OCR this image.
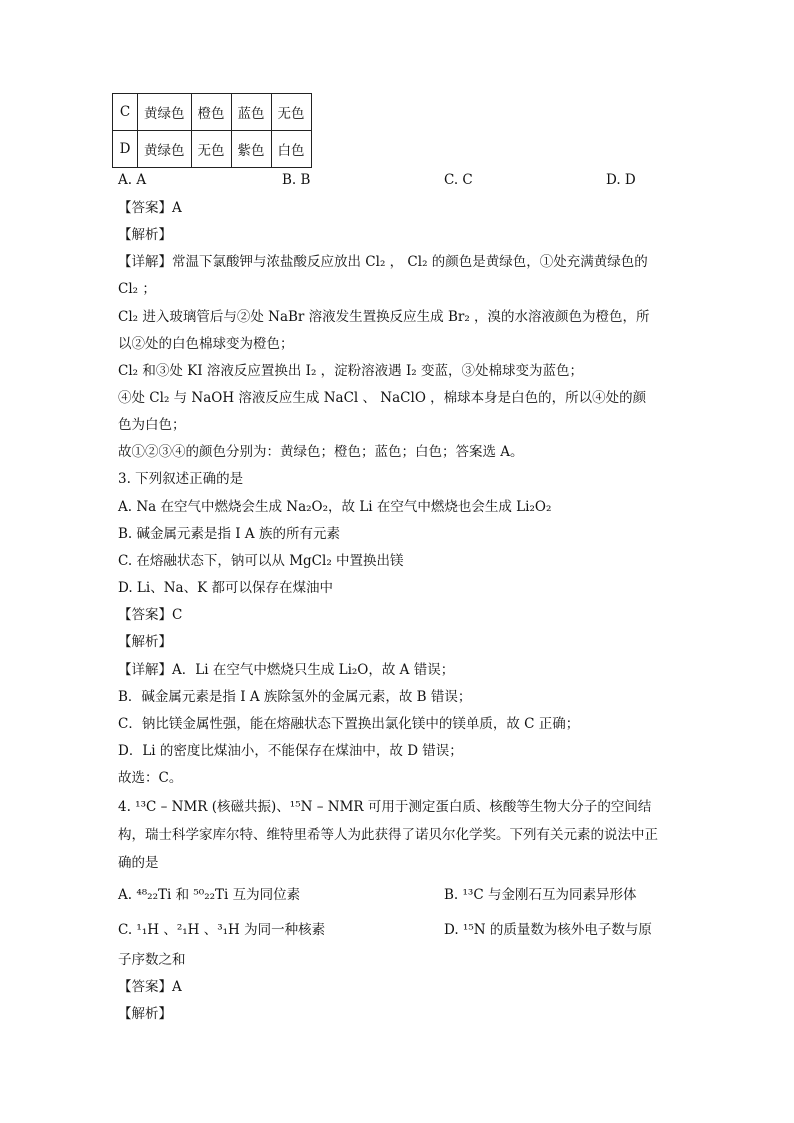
C	黄绿色	橙色	蓝色	无色
D	黄绿色	无色	紫色	白色
A. A	B. B	C. C	D. D
【答案】A
【解析】
【详解】常温下氯酸钾与浓盐酸反应放出 Cl₂ ， Cl₂ 的颜色是黄绿色，①处充满黄绿色的
Cl₂ ；
Cl₂ 进入玻璃管后与②处 NaBr 溶液发生置换反应生成 Br₂ ，溴的水溶液颜色为橙色，所
以②处的白色棉球变为橙色；
Cl₂ 和③处 KI 溶液反应置换出 I₂ ，淀粉溶液遇 I₂ 变蓝，③处棉球变为蓝色；
④处 Cl₂ 与 NaOH 溶液反应生成 NaCl 、 NaClO ，棉球本身是白色的，所以④处的颜
色为白色；
故①②③④的颜色分别为：黄绿色；橙色；蓝色；白色；答案选 A。
3. 下列叙述正确的是
A. Na 在空气中燃烧会生成 Na₂O₂，故 Li 在空气中燃烧也会生成 Li₂O₂
B. 碱金属元素是指 I A 族的所有元素
C. 在熔融状态下，钠可以从 MgCl₂ 中置换出镁
D. Li、Na、K 都可以保存在煤油中
【答案】C
【解析】
【详解】A．Li 在空气中燃烧只生成 Li₂O，故 A 错误；
B．碱金属元素是指 I A 族除氢外的金属元素，故 B 错误；
C．钠比镁金属性强，能在熔融状态下置换出氯化镁中的镁单质，故 C 正确；
D．Li 的密度比煤油小，不能保存在煤油中，故 D 错误；
故选：C。
4. ¹³C – NMR (核磁共振)、¹⁵N – NMR 可用于测定蛋白质、核酸等生物大分子的空间结
构，瑞士科学家库尔特、维特里希等人为此获得了诺贝尔化学奖。下列有关元素的说法中正
确的是
A. ⁴⁸₂₂Ti 和 ⁵⁰₂₂Ti 互为同位素	B. ¹³C 与金刚石互为同素异形体
C. ¹₁H 、²₁H 、³₁H 为同一种核素	D. ¹⁵N 的质量数为核外电子数与原
子序数之和
【答案】A
【解析】
